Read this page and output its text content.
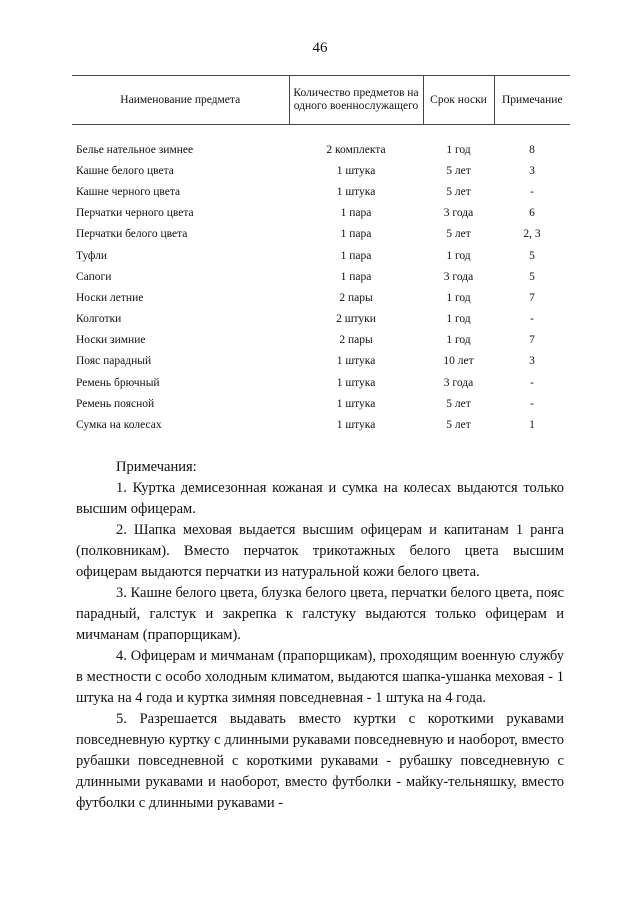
46
Наименование предмета	Количество предметов на одного военнослужащего	Срок носки	Примечание

Белье нательное зимнее	2 комплекта	1 год	8
Кашне белого цвета	1 штука	5 лет	3
Кашне черного цвета	1 штука	5 лет	-
Перчатки черного цвета	1 пара	3 года	6
Перчатки белого цвета	1 пара	5 лет	2, 3
Туфли	1 пара	1 год	5
Сапоги	1 пара	3 года	5
Носки летние	2 пары	1 год	7
Колготки	2 штуки	1 год	-
Носки зимние	2 пары	1 год	7
Пояс парадный	1 штука	10 лет	3
Ремень брючный	1 штука	3 года	-
Ремень поясной	1 штука	5 лет	-
Сумка на колесах	1 штука	5 лет	1

Примечания:

1. Куртка демисезонная кожаная и сумка на колесах выдаются только высшим офицерам.

2. Шапка меховая выдается высшим офицерам и капитанам 1 ранга (полковникам). Вместо перчаток трикотажных белого цвета высшим офицерам выдаются перчатки из натуральной кожи белого цвета.

3. Кашне белого цвета, блузка белого цвета, перчатки белого цвета, пояс парадный, галстук и закрепка к галстуку выдаются только офицерам и мичманам (прапорщикам).

4. Офицерам и мичманам (прапорщикам), проходящим военную службу в местности с особо холодным климатом, выдаются шапка-ушанка меховая - 1 штука на 4 года и куртка зимняя повседневная - 1 штука на 4 года.

5. Разрешается выдавать вместо куртки с короткими рукавами повседневную куртку с длинными рукавами повседневную и наоборот, вместо рубашки повседневной с короткими рукавами - рубашку повседневную с длинными рукавами и наоборот, вместо футболки - майку-тельняшку, вместо футболки с длинными рукавами -
